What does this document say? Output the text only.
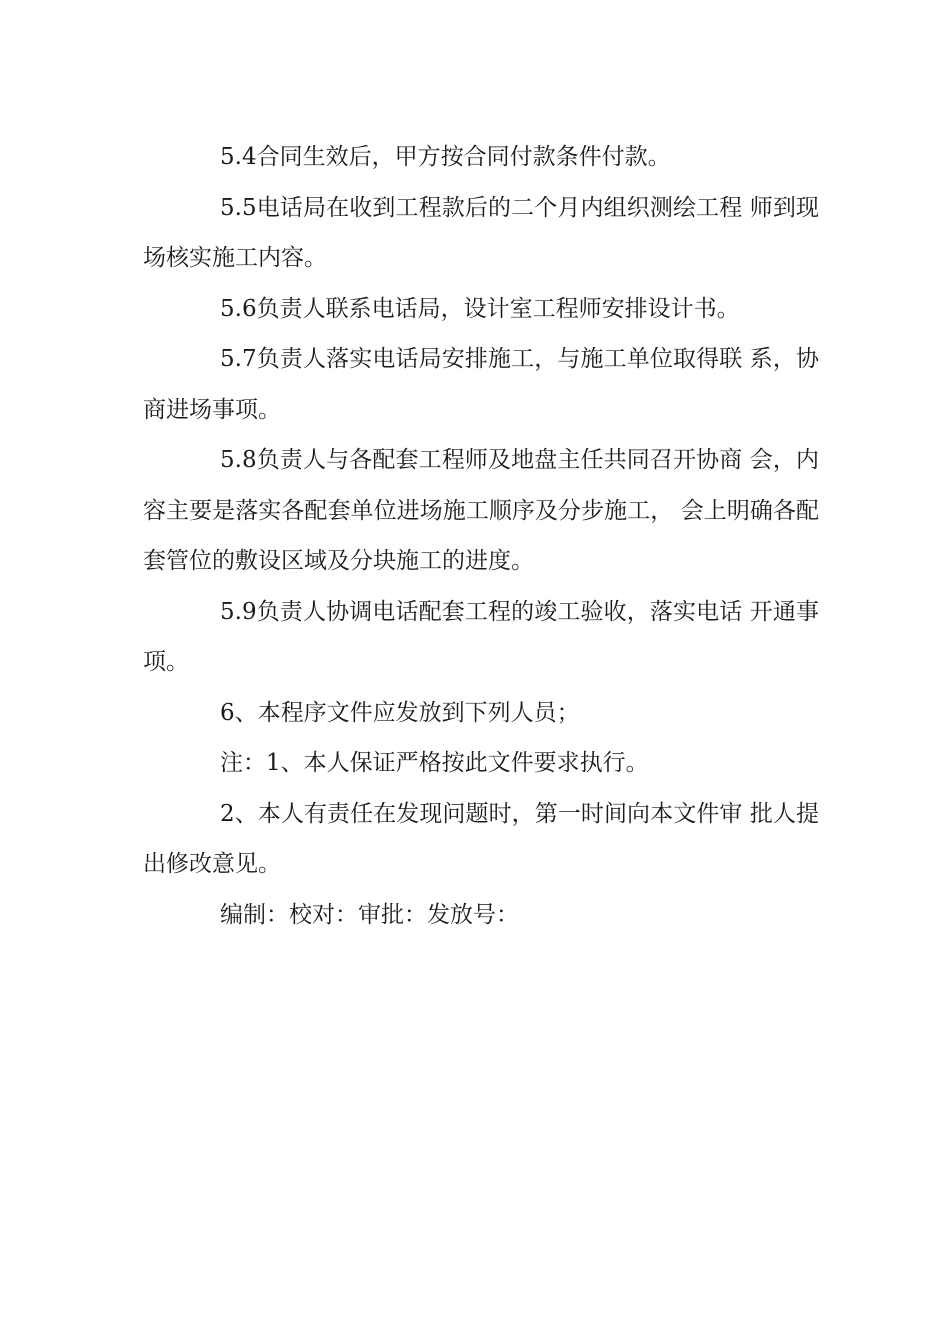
5.4合同生效后，甲方按合同付款条件付款。

5.5电话局在收到工程款后的二个月内组织测绘工程 师到现场核实施工内容。

5.6负责人联系电话局，设计室工程师安排设计书。

5.7负责人落实电话局安排施工，与施工单位取得联 系，协商进场事项。

5.8负责人与各配套工程师及地盘主任共同召开协商 会，内容主要是落实各配套单位进场施工顺序及分步施工， 会上明确各配套管位的敷设区域及分块施工的进度。

5.9负责人协调电话配套工程的竣工验收，落实电话 开通事项。

6、本程序文件应发放到下列人员；

注：1、本人保证严格按此文件要求执行。

2、本人有责任在发现问题时，第一时间向本文件审 批人提出修改意见。

编制：校对：审批：发放号：
